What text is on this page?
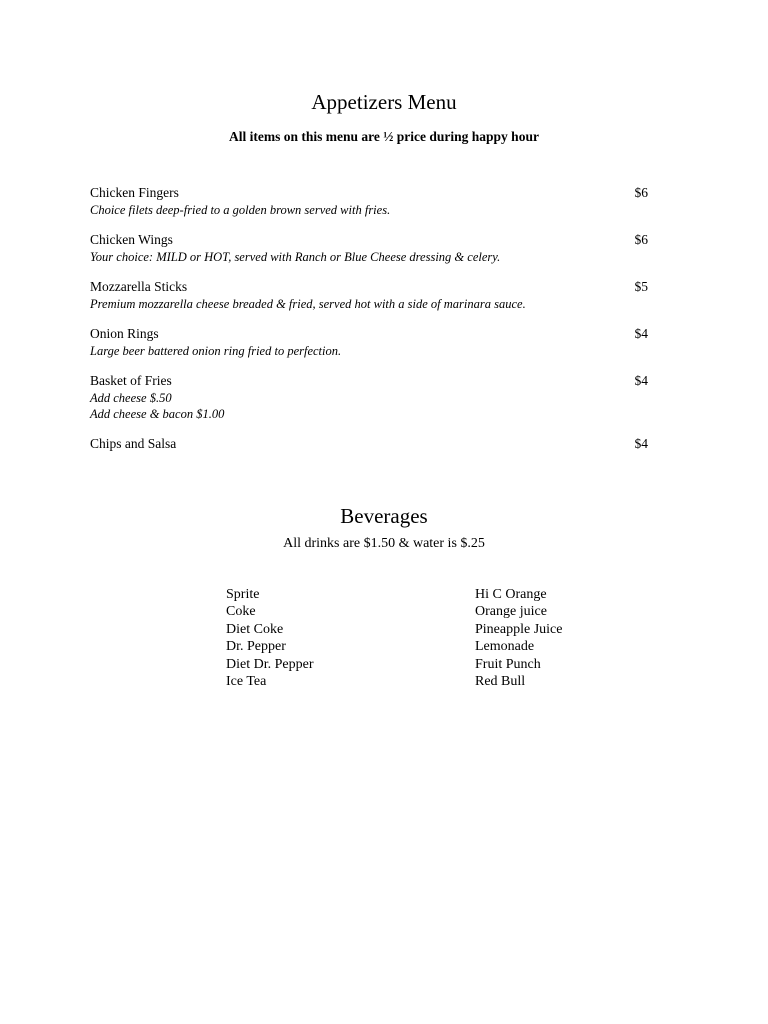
Appetizers Menu
All items on this menu are ½ price during happy hour
Chicken Fingers	$6
Choice filets deep-fried to a golden brown served with fries.
Chicken Wings	$6
Your choice: MILD or HOT, served with Ranch or Blue Cheese dressing & celery.
Mozzarella Sticks	$5
Premium mozzarella cheese breaded & fried, served hot with a side of marinara sauce.
Onion Rings	$4
Large beer battered onion ring fried to perfection.
Basket of Fries	$4
Add cheese $.50
Add cheese & bacon $1.00
Chips and Salsa	$4
Beverages
All drinks are $1.50 & water is $.25
Sprite
Coke
Diet Coke
Dr. Pepper
Diet Dr. Pepper
Ice Tea
Hi C Orange
Orange juice
Pineapple Juice
Lemonade
Fruit Punch
Red Bull
